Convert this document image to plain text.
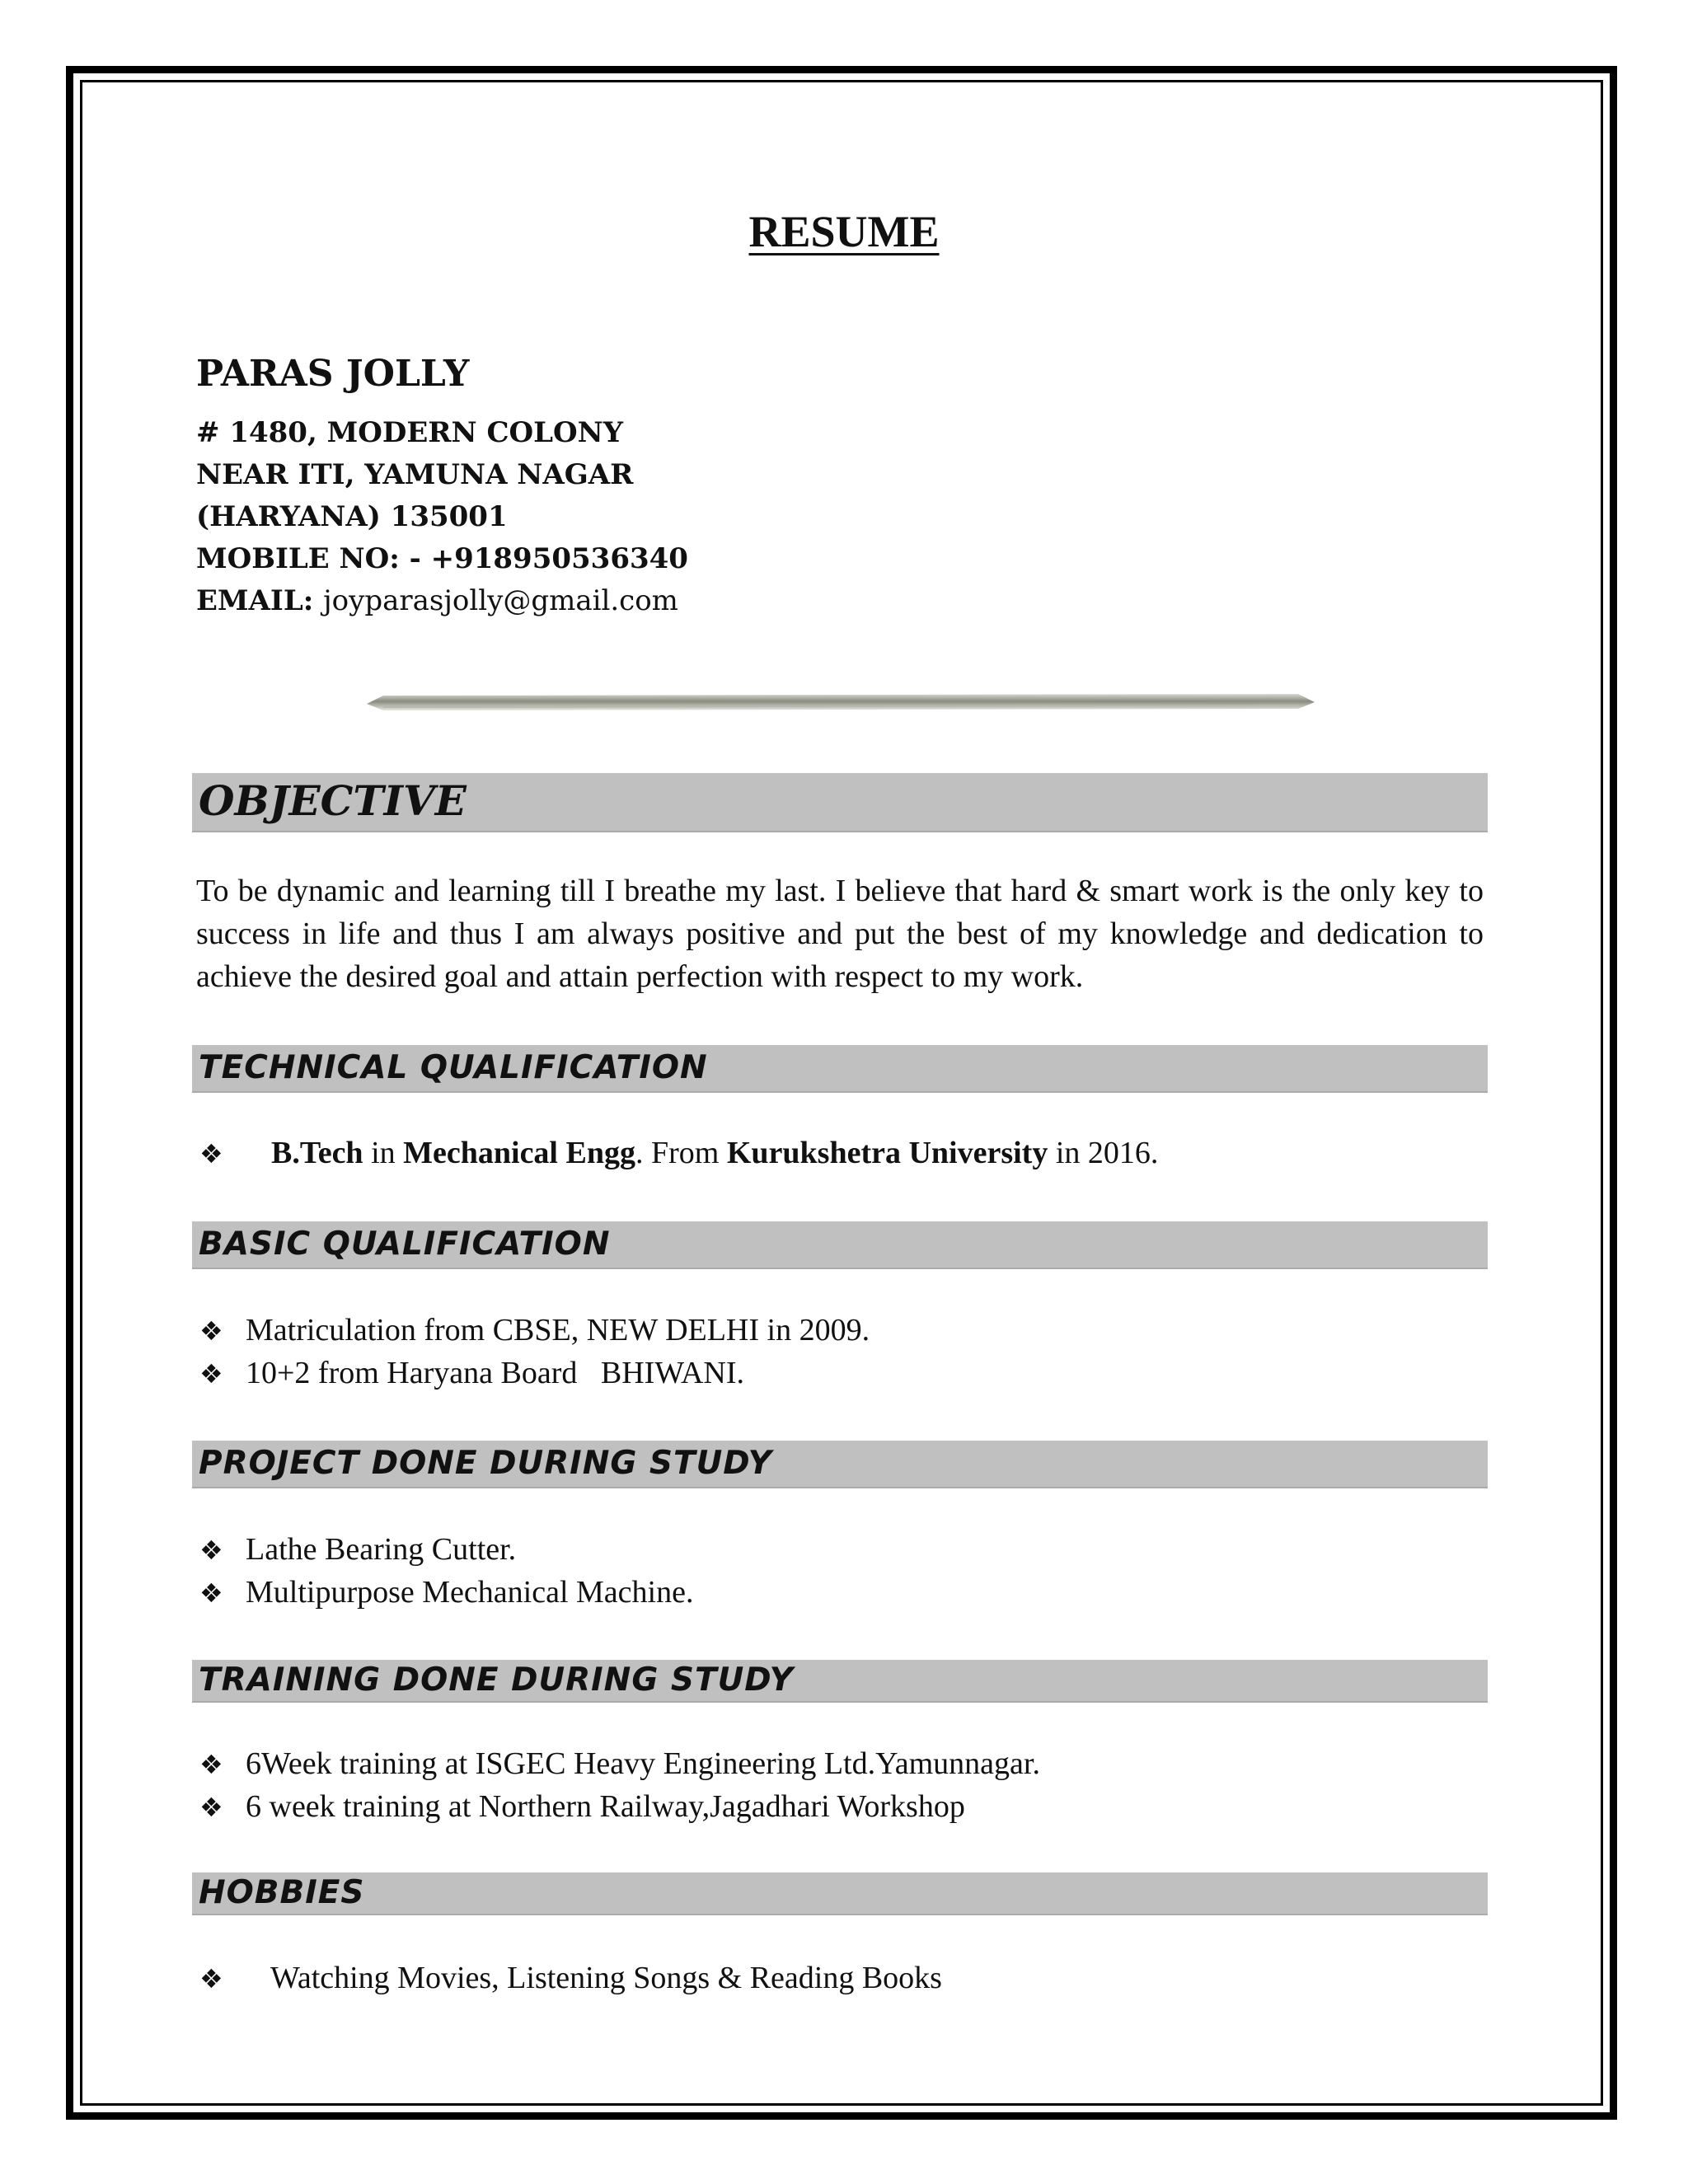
RESUME
PARAS JOLLY
# 1480, MODERN COLONY
NEAR ITI, YAMUNA NAGAR
(HARYANA) 135001
MOBILE NO: - +918950536340
EMAIL: joyparasjolly@gmail.com
OBJECTIVE
To be dynamic and learning till I breathe my last. I believe that hard & smart work is the only key to success in life and thus I am always positive and put the best of my knowledge and dedication to achieve the desired goal and attain perfection with respect to my work.
TECHNICAL QUALIFICATION
❖ B.Tech in Mechanical Engg. From Kurukshetra University in 2016.
BASIC QUALIFICATION
❖ Matriculation from CBSE, NEW DELHI in 2009.
❖ 10+2 from Haryana Board   BHIWANI.
PROJECT DONE DURING STUDY
❖ Lathe Bearing Cutter.
❖ Multipurpose Mechanical Machine.
TRAINING DONE DURING STUDY
❖ 6Week training at ISGEC Heavy Engineering Ltd.Yamunnagar.
❖ 6 week training at Northern Railway,Jagadhari Workshop
HOBBIES
❖ Watching Movies, Listening Songs & Reading Books
